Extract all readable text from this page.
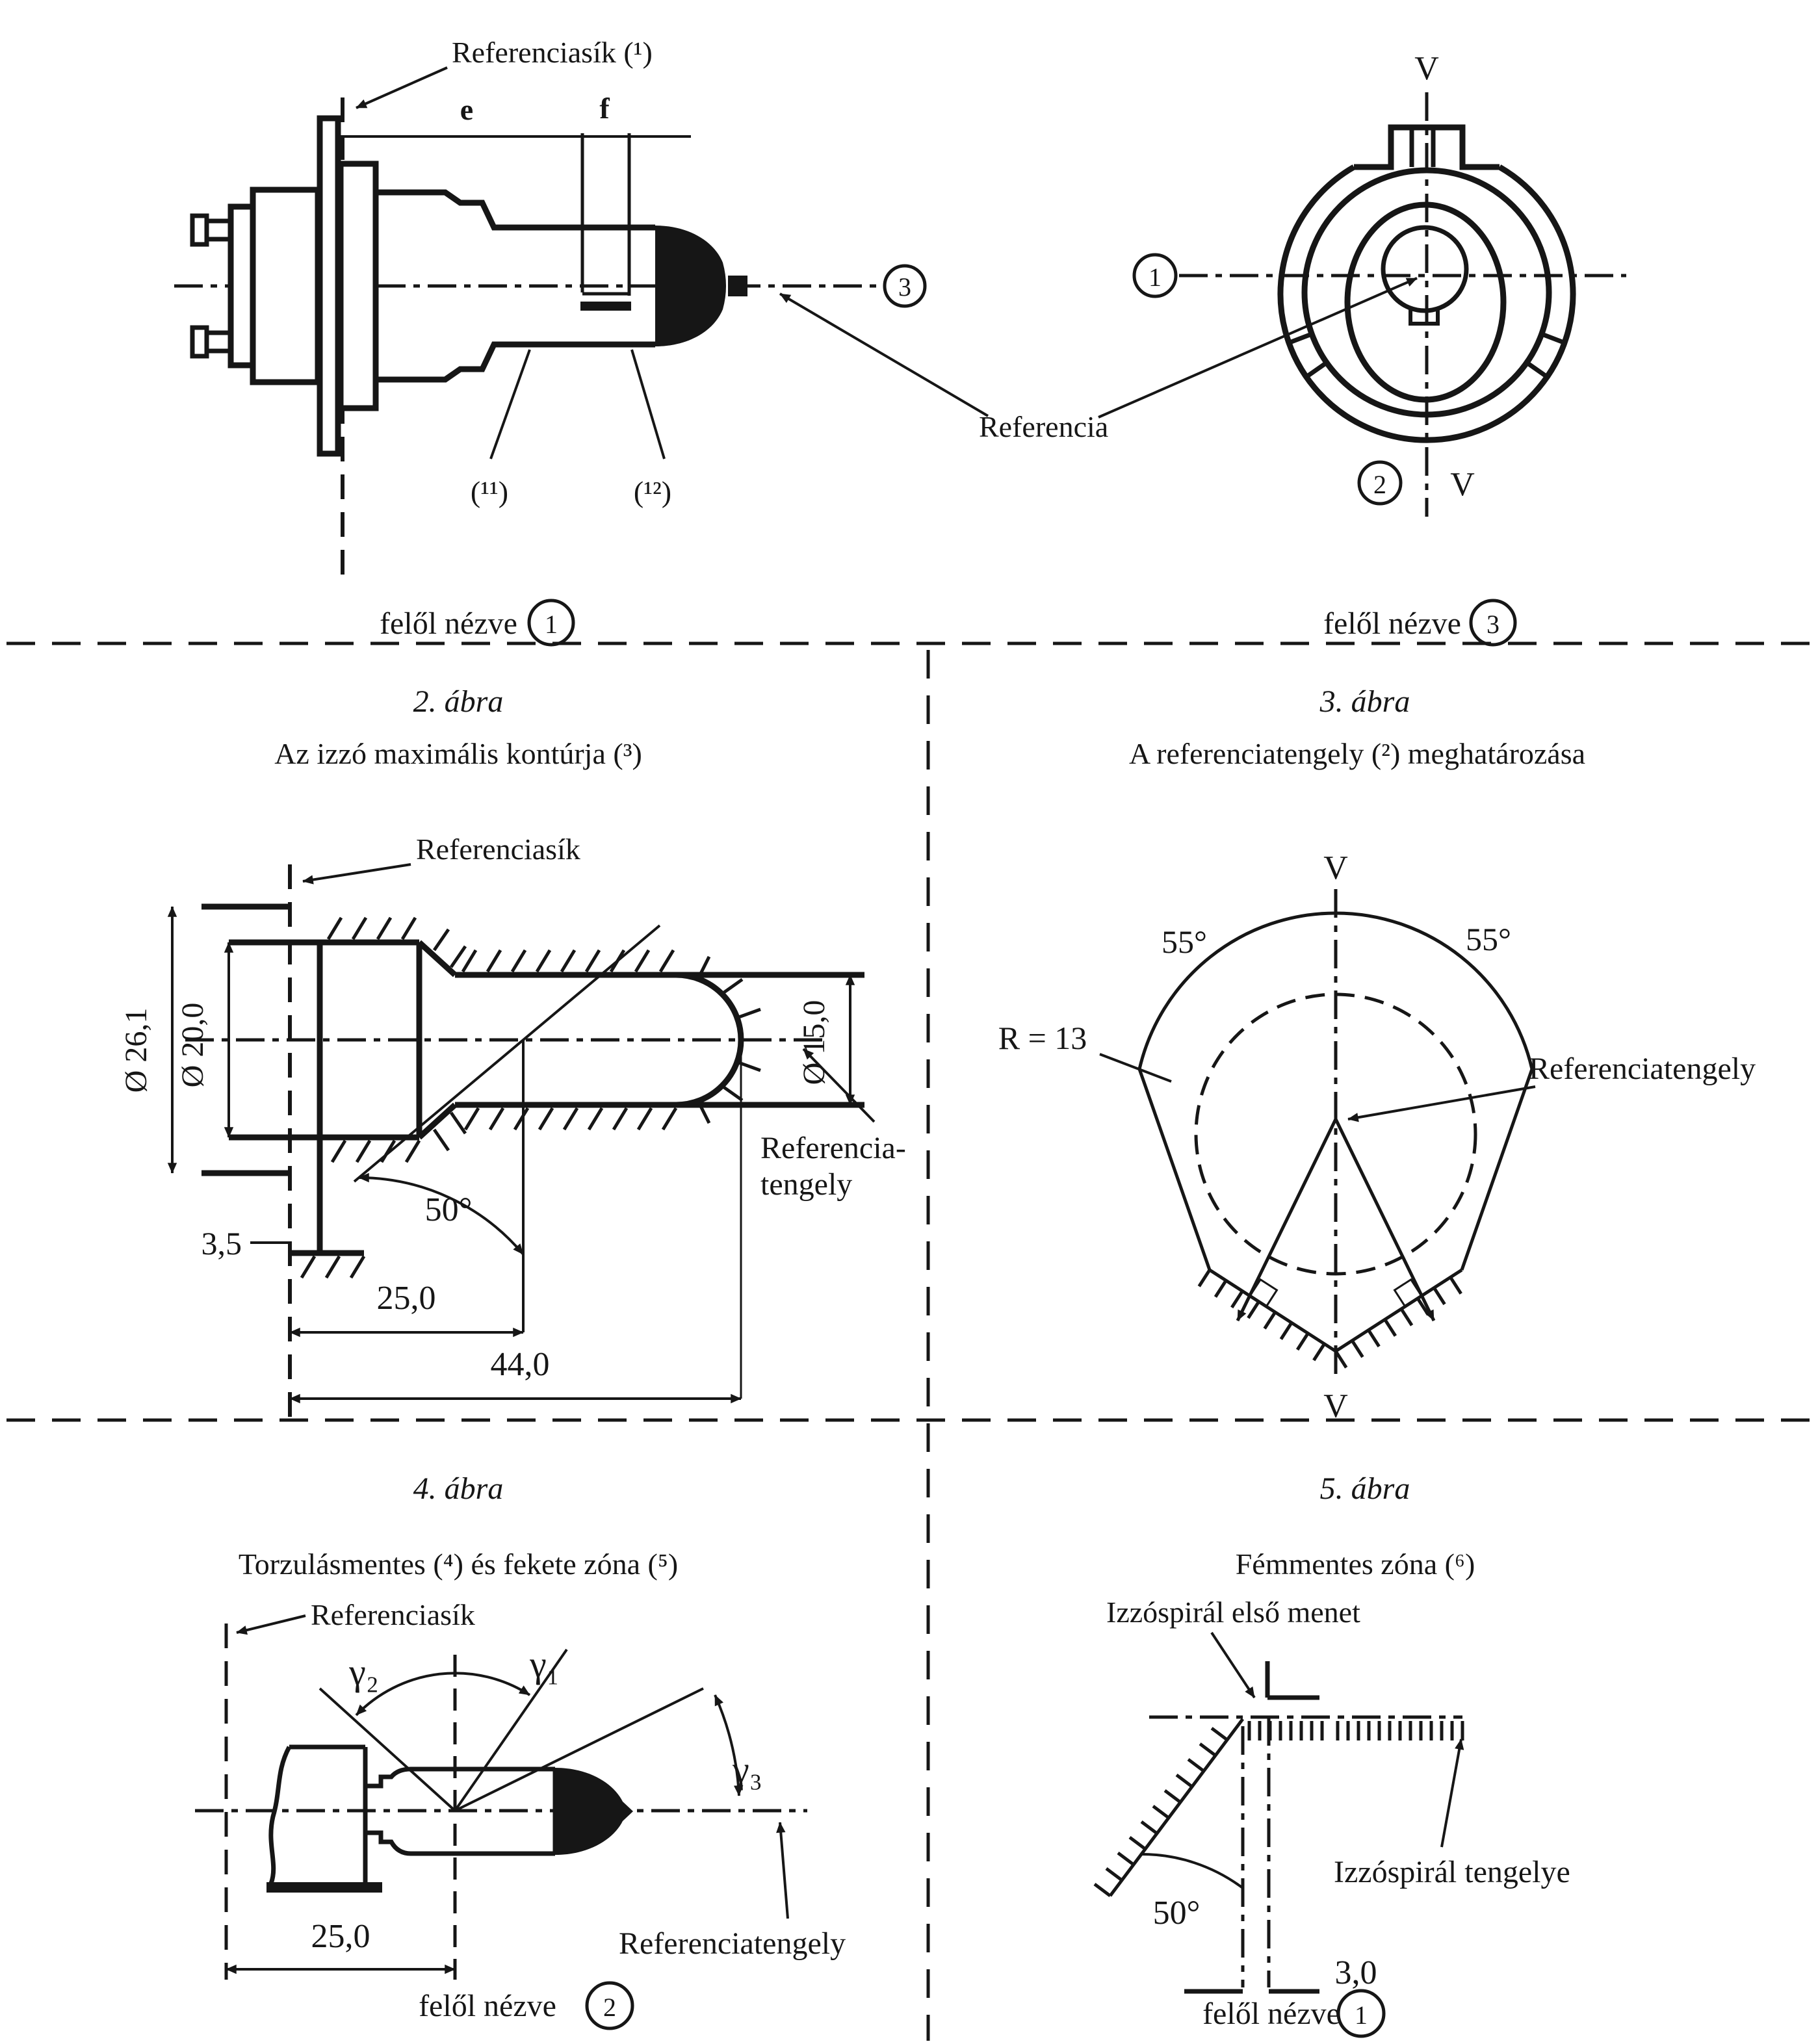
e	f
Referenciasík (¹)
(¹¹)	(¹²)
3
felől nézve 1
V
V
1
2
Referencia
felől nézve 3
2. ábra
Az izzó maximális kontúrja (³)
Referenciasík
Ø 26,1 Ø 20,0	Ø 15,0
50°
3,5
25,0
44,0
Referencia-
tengely
3. ábra
A referenciatengely (²) meghatározása
V
V
55°	55°
R = 13
Referenciatengely
4. ábra
Torzulásmentes (⁴) és fekete zóna (⁵)
Referenciasík
γ₂	γ₁
γ₃
25,0	Referenciatengely
felől nézve 2
5. ábra
Fémmentes zóna (⁶)
Izzóspirál első menet
50°
Izzóspirál tengelye
3,0
felől nézve 1
